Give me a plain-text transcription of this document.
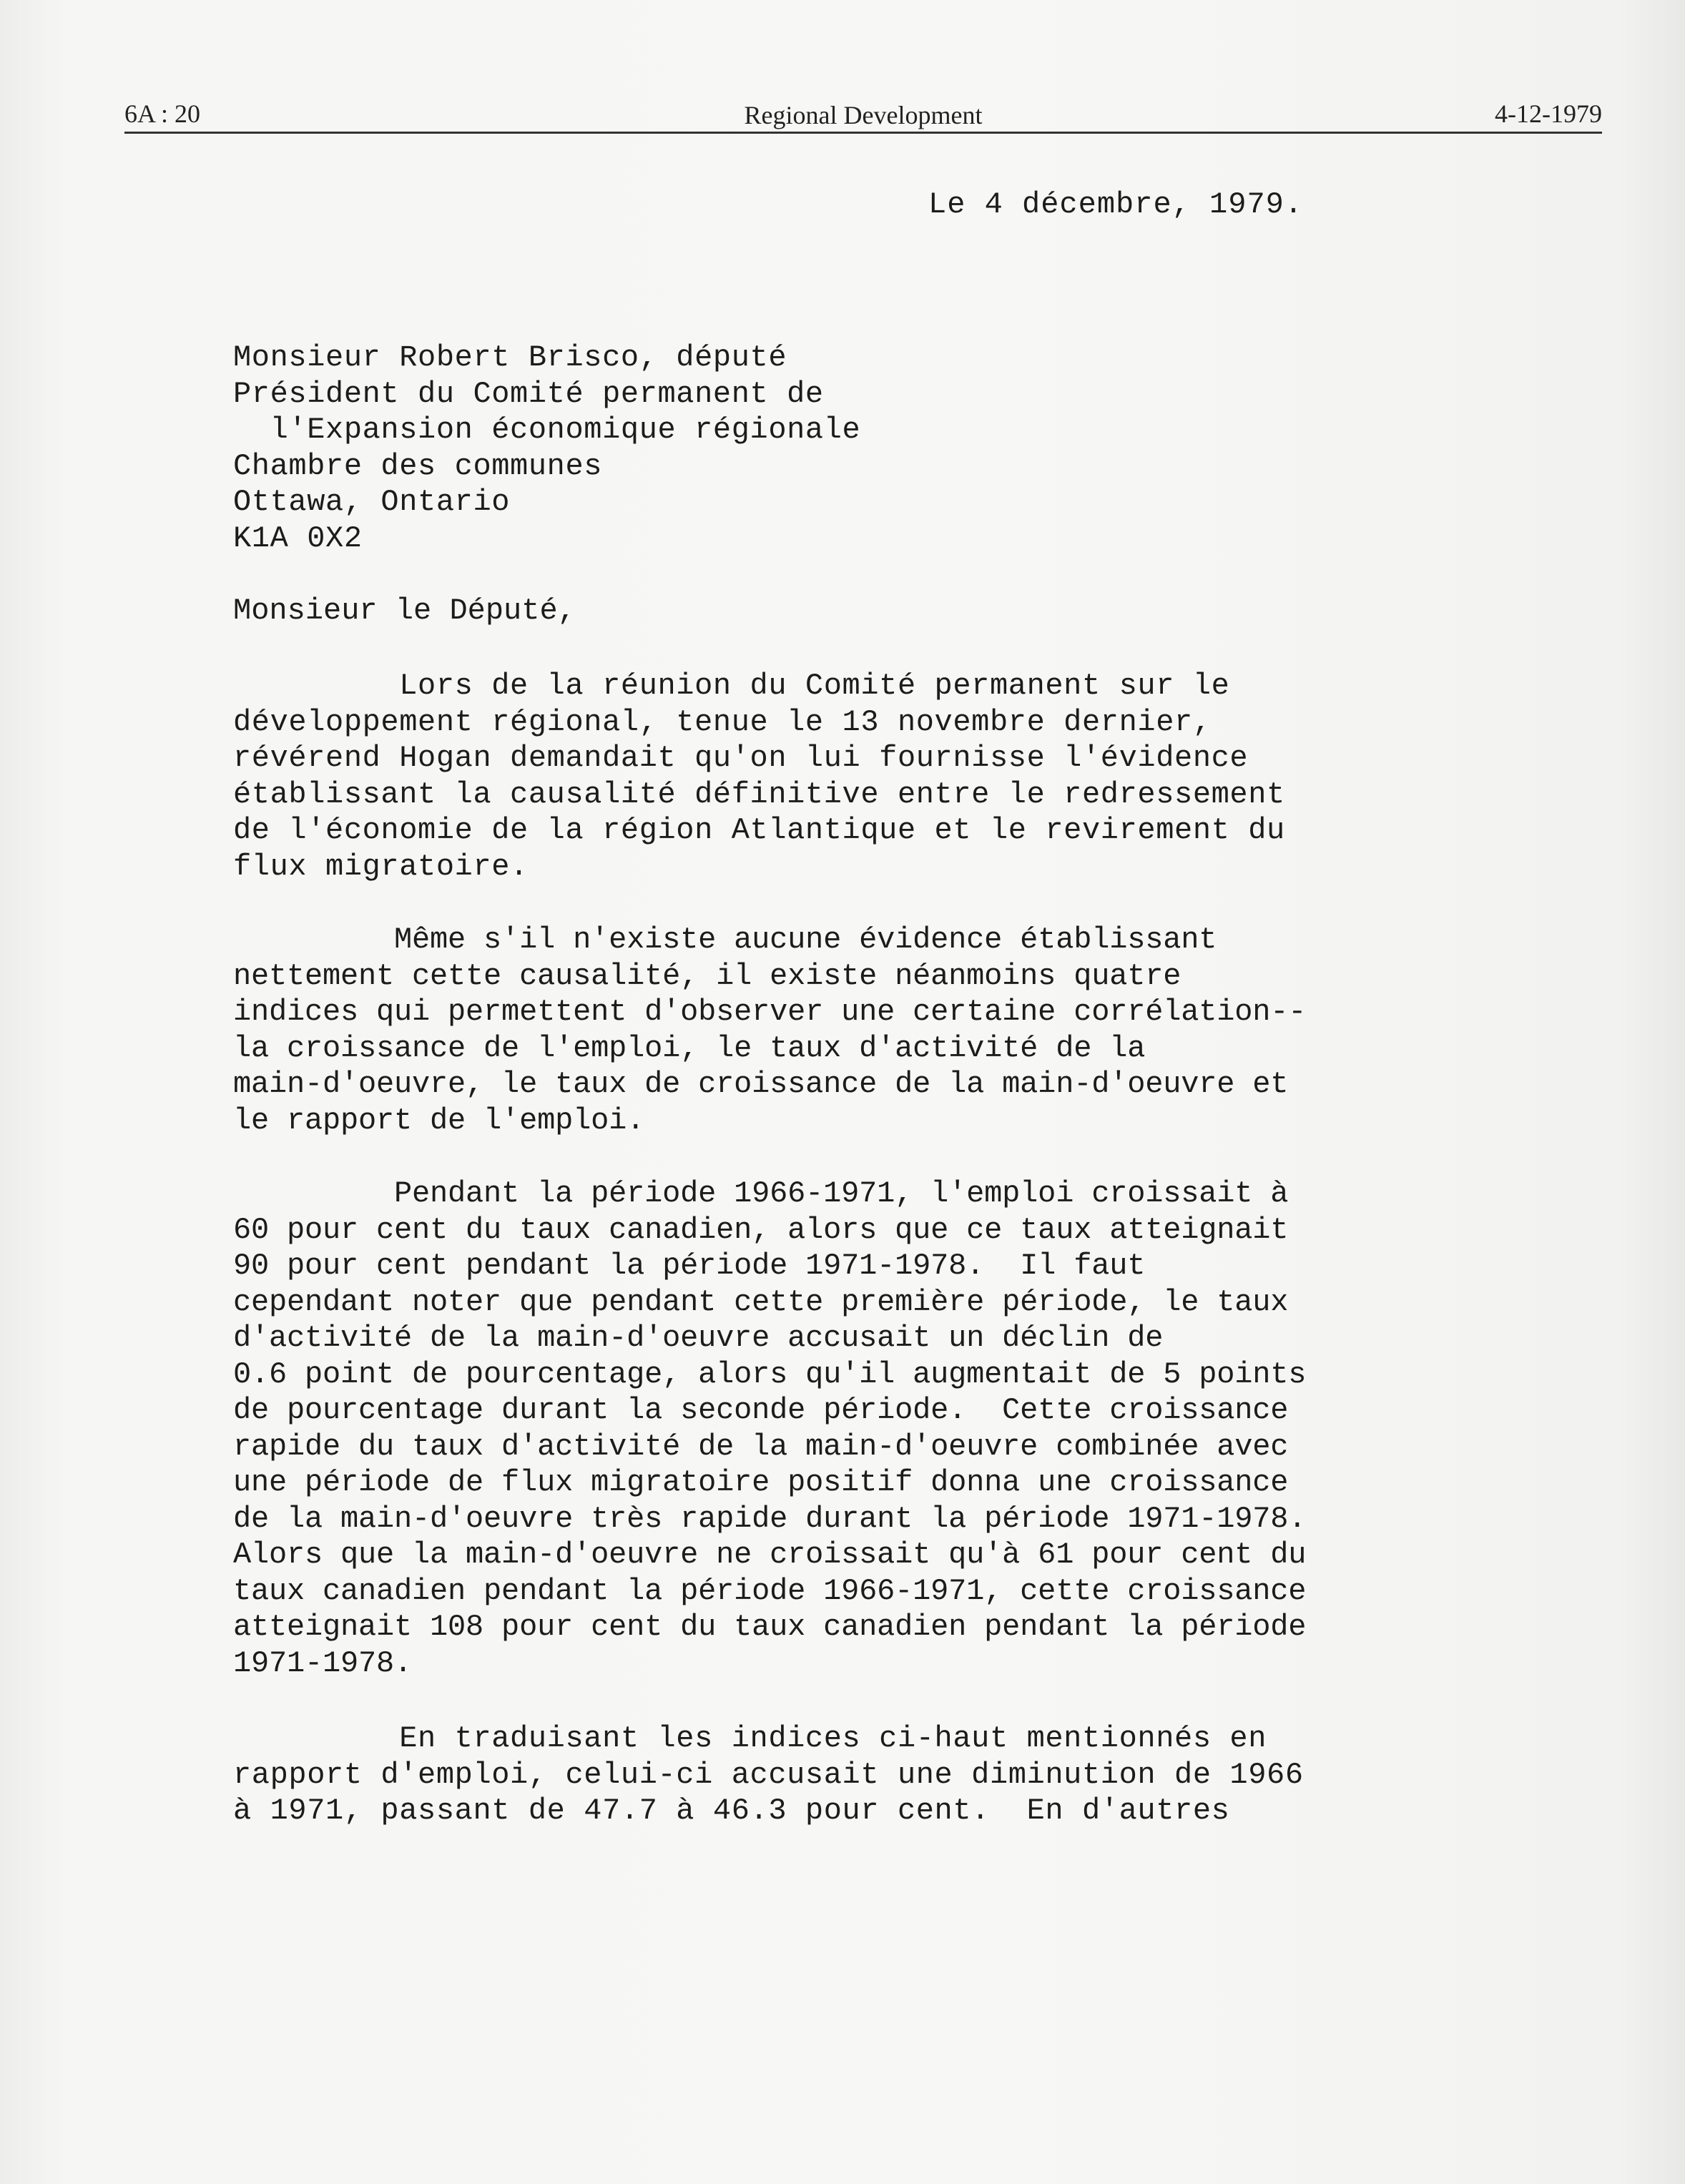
6A : 20	Regional Development	4-12-1979
Le 4 décembre, 1979.
Monsieur Robert Brisco, député
Président du Comité permanent de
l'Expansion économique régionale
Chambre des communes
Ottawa, Ontario
K1A 0X2
Monsieur le Député,
Lors de la réunion du Comité permanent sur le
développement régional, tenue le 13 novembre dernier,
révérend Hogan demandait qu'on lui fournisse l'évidence
établissant la causalité définitive entre le redressement
de l'économie de la région Atlantique et le revirement du
flux migratoire.
Même s'il n'existe aucune évidence établissant
nettement cette causalité, il existe néanmoins quatre
indices qui permettent d'observer une certaine corrélation--
la croissance de l'emploi, le taux d'activité de la
main-d'oeuvre, le taux de croissance de la main-d'oeuvre et
le rapport de l'emploi.
Pendant la période 1966-1971, l'emploi croissait à
60 pour cent du taux canadien, alors que ce taux atteignait
90 pour cent pendant la période 1971-1978.  Il faut
cependant noter que pendant cette première période, le taux
d'activité de la main-d'oeuvre accusait un déclin de
0.6 point de pourcentage, alors qu'il augmentait de 5 points
de pourcentage durant la seconde période.  Cette croissance
rapide du taux d'activité de la main-d'oeuvre combinée avec
une période de flux migratoire positif donna une croissance
de la main-d'oeuvre très rapide durant la période 1971-1978.
Alors que la main-d'oeuvre ne croissait qu'à 61 pour cent du
taux canadien pendant la période 1966-1971, cette croissance
atteignait 108 pour cent du taux canadien pendant la période
1971-1978.
En traduisant les indices ci-haut mentionnés en
rapport d'emploi, celui-ci accusait une diminution de 1966
à 1971, passant de 47.7 à 46.3 pour cent.  En d'autres
